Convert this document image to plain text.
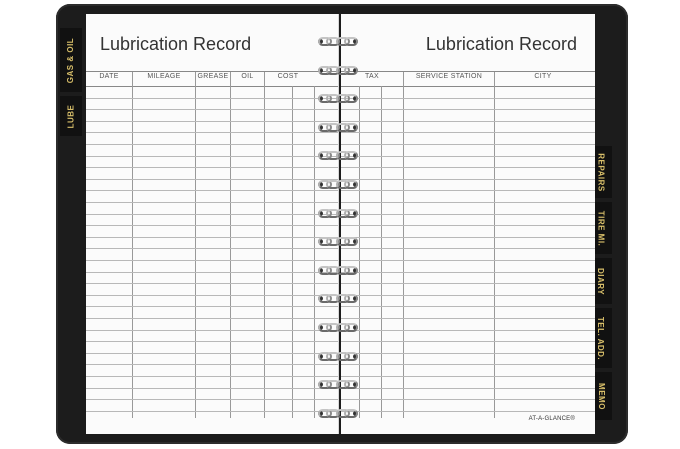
GAS & OIL
LUBE
REPAIRS
TIRE MI.
DIARY
TEL. ADD.
MEMO
Lubrication Record
DATE	MILEAGE	GREASE	OIL	COST
Lubrication Record
TAX	SERVICE STATION	CITY
AT-A-GLANCE®
